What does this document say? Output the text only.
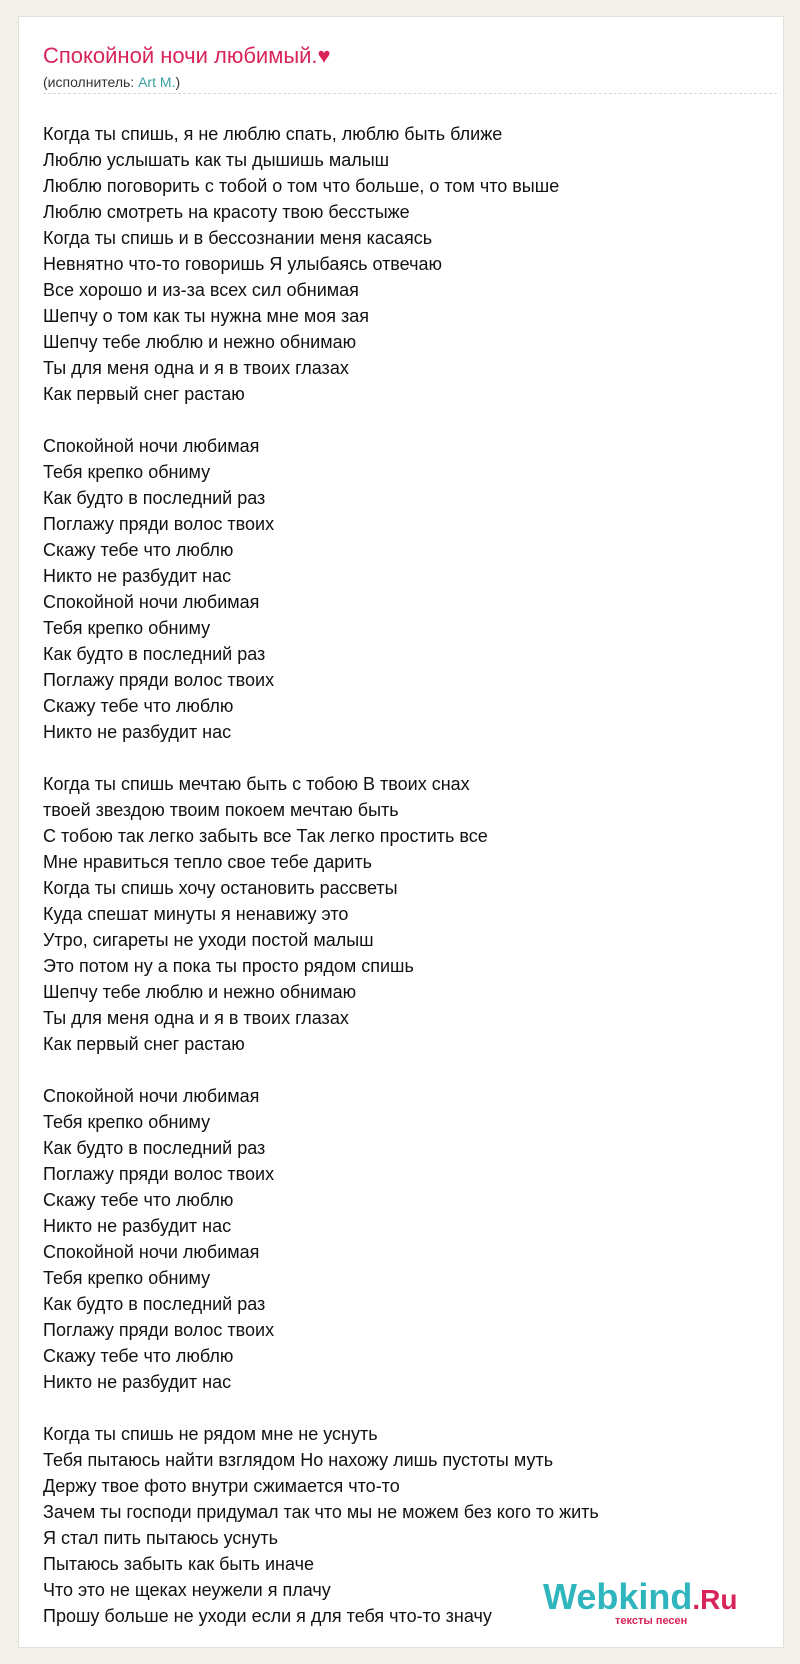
Спокойной ночи любимый.♥
(исполнитель: Art M.)
Когда ты спишь, я не люблю спать, люблю быть ближе
Люблю услышать как ты дышишь малыш
Люблю поговорить с тобой о том что больше, о том что выше
Люблю смотреть на красоту твою бесстыже
Когда ты спишь и в бессознании меня касаясь
Невнятно что-то говоришь Я улыбаясь отвечаю
Все хорошо и из-за всех сил обнимая
Шепчу о том как ты нужна мне моя зая
Шепчу тебе люблю и нежно обнимаю
Ты для меня одна и я в твоих глазах
Как первый снег растаю
Спокойной ночи любимая
Тебя крепко обниму
Как будто в последний раз
Поглажу пряди волос твоих
Скажу тебе что люблю
Никто не разбудит нас
Спокойной ночи любимая
Тебя крепко обниму
Как будто в последний раз
Поглажу пряди волос твоих
Скажу тебе что люблю
Никто не разбудит нас
Когда ты спишь мечтаю быть с тобою В твоих снах
твоей звездою твоим покоем мечтаю быть
С тобою так легко забыть все Так легко простить все
Мне нравиться тепло свое тебе дарить
Когда ты спишь хочу остановить рассветы
Куда спешат минуты я ненавижу это
Утро, сигареты не уходи постой малыш
Это потом ну а пока ты просто рядом спишь
Шепчу тебе люблю и нежно обнимаю
Ты для меня одна и я в твоих глазах
Как первый снег растаю
Спокойной ночи любимая
Тебя крепко обниму
Как будто в последний раз
Поглажу пряди волос твоих
Скажу тебе что люблю
Никто не разбудит нас
Спокойной ночи любимая
Тебя крепко обниму
Как будто в последний раз
Поглажу пряди волос твоих
Скажу тебе что люблю
Никто не разбудит нас
Когда ты спишь не рядом мне не уснуть
Тебя пытаюсь найти взглядом Но нахожу лишь пустоты муть
Держу твое фото внутри сжимается что-то
Зачем ты господи придумал так что мы не можем без кого то жить
Я стал пить пытаюсь уснуть
Пытаюсь забыть как быть иначе
Что это не щеках неужели я плачу
Прошу больше не уходи если я для тебя что-то значу	Webkind.Ru
тексты песен
